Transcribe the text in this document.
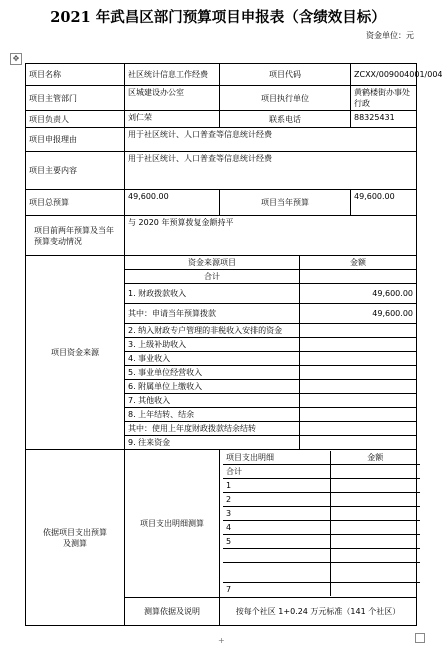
2021 年武昌区部门预算项目申报表（含绩效目标）
资金单位：元
✥
项目名称	社区统计信息工作经费	项目代码	ZCXX/009004001/004
项目主管部门	区城建设办公室	项目执行单位	黄鹤楼街办事处行政
项目负责人	刘仁荣	联系电话	88325431
项目申报理由	用于社区统计、人口普查等信息统计经费
项目主要内容	用于社区统计、人口普查等信息统计经费
项目总预算	49,600.00	项目当年预算	49,600.00
项目前两年预算及当年预算变动情况	与 2020 年预算拨复金额持平
项目资金来源	资金来源项目	金额
合计	
1. 财政拨款收入	49,600.00
其中：申请当年预算拨款	49,600.00
2. 纳入财政专户管理的非税收入安排的资金	
3. 上级补助收入	
4. 事业收入	
5. 事业单位经营收入	
6. 附属单位上缴收入	
7. 其他收入	
8. 上年结转、结余	
其中：使用上年度财政拨款结余结转	
9. 往来资金	
依据项目支出预算及测算	项目支出明细测算	
项目支出明细	金额
合计	
1	
2	
3	
4	
5	

7	

测算依据及说明	按每个社区 1+0.24 万元标准（141 个社区）
+
